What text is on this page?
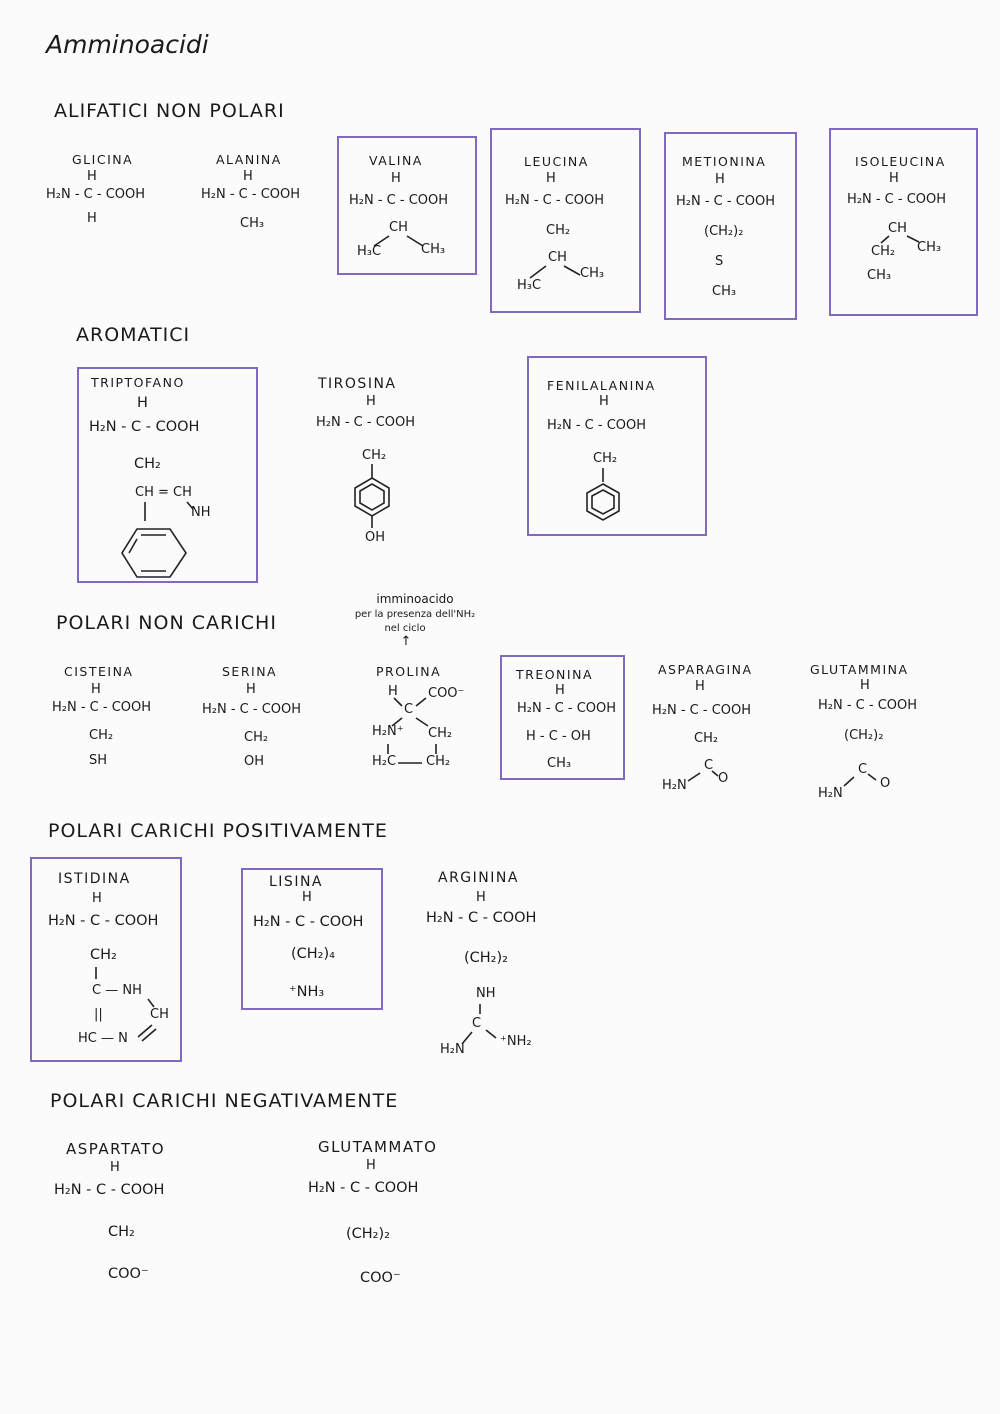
Amminoacidi
ALIFATICI NON POLARI
GLICINA
H
H₂N - C - COOH
H
ALANINA
H
H₂N - C - COOH
CH₃
VALINA
H
H₂N - C - COOH
CH
H₃C	CH₃
LEUCINA
H
H₂N - C - COOH
CH₂
CH
H₃C
CH₃
METIONINA
H
H₂N - C - COOH
(CH₂)₂
S
CH₃
ISOLEUCINA
H
H₂N - C - COOH
CH
CH₂ CH₃
CH₃
AROMATICI
TRIPTOFANO
H
H₂N - C - COOH
CH₂
CH = CH
NH
TIROSINA
H
H₂N - C - COOH
CH₂
OH
FENILALANINA
H
H₂N - C - COOH
CH₂
POLARI NON CARICHI
imminoacido
per la presenza dell'NH₂
nel ciclo
↑
CISTEINA
H
H₂N - C - COOH
CH₂
SH
SERINA
H
H₂N - C - COOH
CH₂
OH
PROLINA
H COO⁻
C
H₂N⁺ CH₂
H₂C CH₂
TREONINA
H
H₂N - C - COOH
H - C - OH
CH₃
ASPARAGINA
H
H₂N - C - COOH
CH₂
C
O
H₂N
GLUTAMMINA
H
H₂N - C - COOH
(CH₂)₂
C
O
H₂N
POLARI CARICHI POSITIVAMENTE
ISTIDINA
H
H₂N - C - COOH
CH₂
C — NH
CH
||
HC — N
LISINA
H
H₂N - C - COOH
(CH₂)₄
⁺NH₃
ARGININA
H
H₂N - C - COOH
(CH₂)₂
NH
C
⁺NH₂
H₂N
POLARI CARICHI NEGATIVAMENTE
ASPARTATO
H
H₂N - C - COOH
CH₂
COO⁻
GLUTAMMATO
H
H₂N - C - COOH
(CH₂)₂
COO⁻
